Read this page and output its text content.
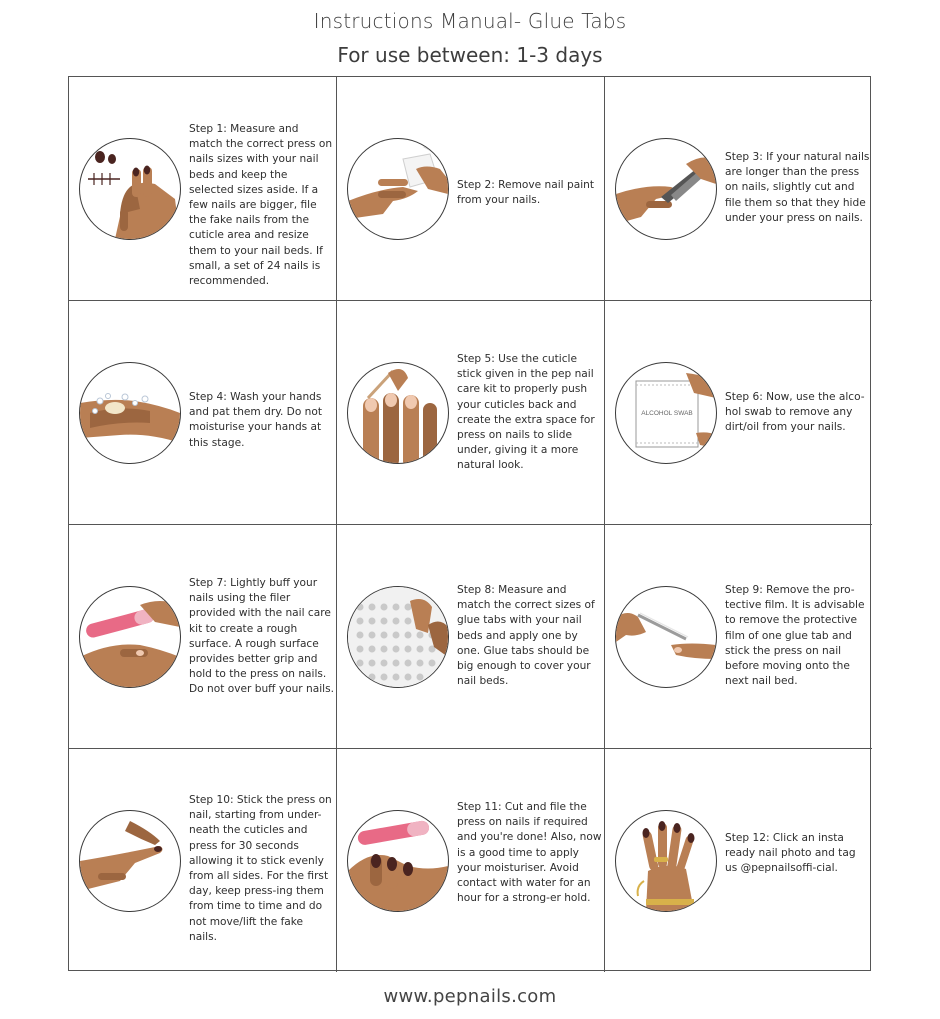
Instructions Manual- Glue Tabs
For use between: 1-3 days
Step 1: Measure and match the correct press on nails sizes with your nail beds and keep the selected sizes aside. If a few nails are bigger, file the fake nails from the cuticle area and resize them to your nail beds. If small, a set of 24 nails is recommended.
Step 2: Remove nail paint from your nails.
Step 3: If your natural nails are longer than the press on nails, slightly cut and file them so that they hide under your press on nails.
Step 4: Wash your hands and pat them dry. Do not moisturise your hands at this stage.
Step 5: Use the cuticle stick given in the pep nail care kit to properly push your cuticles back and create the extra space for press on nails to slide under, giving it a more natural look.
ALCOHOL SWAB
Step 6: Now, use the alco-hol swab to remove any dirt/oil from your nails.
Step 7: Lightly buff your nails using the filer provided with the nail care kit to create a rough surface. A rough surface provides better grip and hold to the press on nails. Do not over buff your nails.
Step 8: Measure and match the correct sizes of glue tabs with your nail beds and apply one by one. Glue tabs should be big enough to cover your nail beds.
Step 9: Remove the pro-tective film. It is advisable to remove the protective film of one glue tab and stick the press on nail before moving onto the next nail bed.
Step 10: Stick the press on nail, starting from under-neath the cuticles and press for 30 seconds allowing it to stick evenly from all sides. For the first day, keep press-ing them from time to time and do not move/lift the fake nails.
Step 11: Cut and file the press on nails if required and you're done! Also, now is a good time to apply your moisturiser. Avoid contact with water for an hour for a strong-er hold.
Step 12: Click an insta ready nail photo and tag us @pepnailsoffi-cial.
www.pepnails.com
